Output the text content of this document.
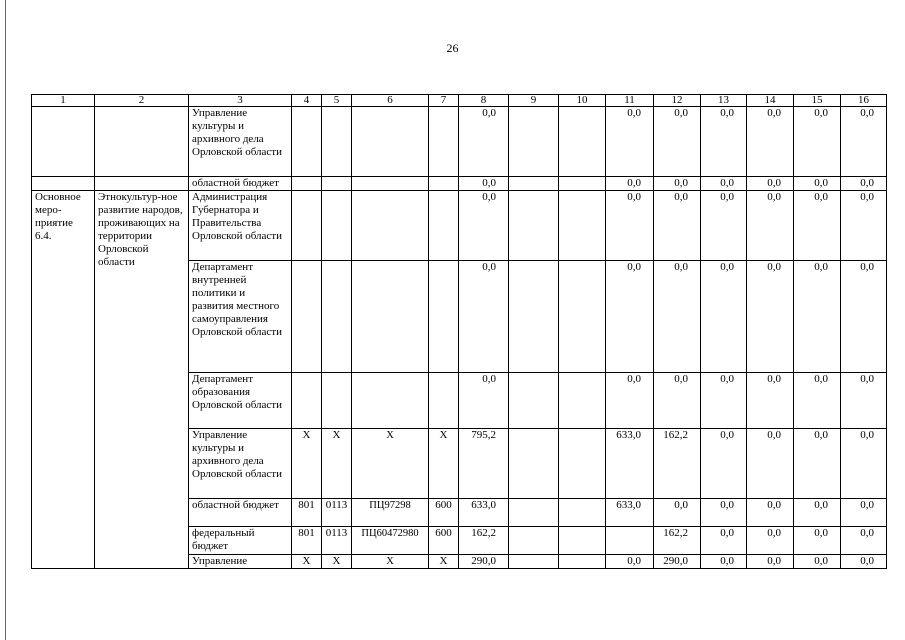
26
1	2	3	4	5	6	7	8	9	10	11	12	13	14	15	16
		Управление культуры и архивного дела Орловской области					0,0			0,0	0,0	0,0	0,0	0,0	0,0
		областной бюджет					0,0			0,0	0,0	0,0	0,0	0,0	0,0
Основное меро-приятие 6.4.	Этнокультур-ное развитие народов, проживающих на территории Орловской области	Администрация Губернатора и Правительства Орловской области					0,0			0,0	0,0	0,0	0,0	0,0	0,0
		Департамент внутренней политики и развития местного самоуправления Орловской области					0,0			0,0	0,0	0,0	0,0	0,0	0,0
		Департамент образования Орловской области					0,0			0,0	0,0	0,0	0,0	0,0	0,0
		Управление культуры и архивного дела Орловской области	Х	Х	Х	Х	795,2			633,0	162,2	0,0	0,0	0,0	0,0
		областной бюджет	801	0113	ПЦ97298	600	633,0			633,0	0,0	0,0	0,0	0,0	0,0
		федеральный бюджет	801	0113	ПЦ60472980	600	162,2				162,2	0,0	0,0	0,0	0,0
		Управление	Х	Х	Х	Х	290,0			0,0	290,0	0,0	0,0	0,0	0,0
